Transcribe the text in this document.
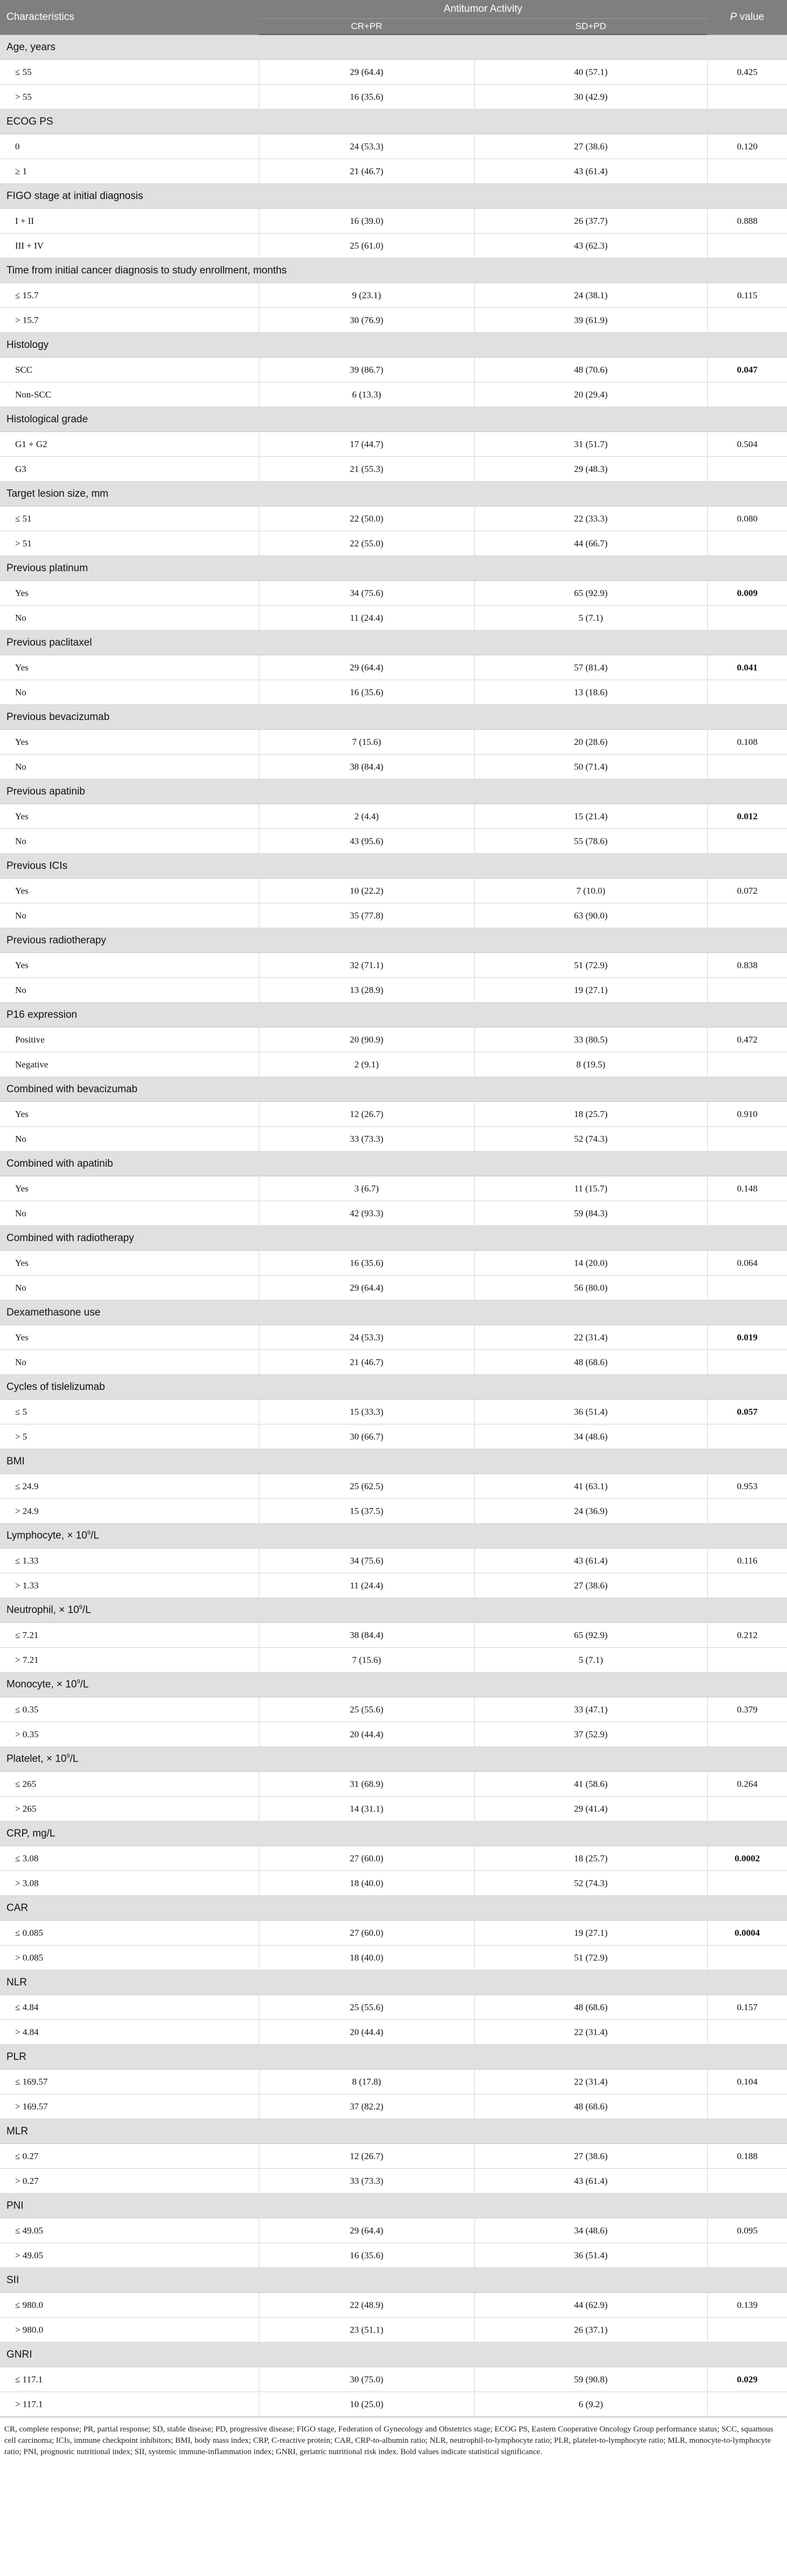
Characteristics	Antitumor Activity		P value
	CR+PR	SD+PD	
Age, years			
≤ 55	29 (64.4)	40 (57.1)	0.425
> 55	16 (35.6)	30 (42.9)	
ECOG PS			
0	24 (53.3)	27 (38.6)	0.120
≥ 1	21 (46.7)	43 (61.4)	
FIGO stage at initial diagnosis			
I + II	16 (39.0)	26 (37.7)	0.888
III + IV	25 (61.0)	43 (62.3)	
Time from initial cancer diagnosis to study enrollment, months			
≤ 15.7	9 (23.1)	24 (38.1)	0.115
> 15.7	30 (76.9)	39 (61.9)	
Histology			
SCC	39 (86.7)	48 (70.6)	0.047
Non-SCC	6 (13.3)	20 (29.4)	
Histological grade			
G1 + G2	17 (44.7)	31 (51.7)	0.504
G3	21 (55.3)	29 (48.3)	
Target lesion size, mm			
≤ 51	22 (50.0)	22 (33.3)	0.080
> 51	22 (55.0)	44 (66.7)	
Previous platinum			
Yes	34 (75.6)	65 (92.9)	0.009
No	11 (24.4)	5 (7.1)	
Previous paclitaxel			
Yes	29 (64.4)	57 (81.4)	0.041
No	16 (35.6)	13 (18.6)	
Previous bevacizumab			
Yes	7 (15.6)	20 (28.6)	0.108
No	38 (84.4)	50 (71.4)	
Previous apatinib			
Yes	2 (4.4)	15 (21.4)	0.012
No	43 (95.6)	55 (78.6)	
Previous ICIs			
Yes	10 (22.2)	7 (10.0)	0.072
No	35 (77.8)	63 (90.0)	
Previous radiotherapy			
Yes	32 (71.1)	51 (72.9)	0.838
No	13 (28.9)	19 (27.1)	
P16 expression			
Positive	20 (90.9)	33 (80.5)	0.472
Negative	2 (9.1)	8 (19.5)	
Combined with bevacizumab			
Yes	12 (26.7)	18 (25.7)	0.910
No	33 (73.3)	52 (74.3)	
Combined with apatinib			
Yes	3 (6.7)	11 (15.7)	0.148
No	42 (93.3)	59 (84.3)	
Combined with radiotherapy			
Yes	16 (35.6)	14 (20.0)	0.064
No	29 (64.4)	56 (80.0)	
Dexamethasone use			
Yes	24 (53.3)	22 (31.4)	0.019
No	21 (46.7)	48 (68.6)	
Cycles of tislelizumab			
≤ 5	15 (33.3)	36 (51.4)	0.057
> 5	30 (66.7)	34 (48.6)	
BMI			
≤ 24.9	25 (62.5)	41 (63.1)	0.953
> 24.9	15 (37.5)	24 (36.9)	
Lymphocyte, × $10^9/L$			
≤ 1.33	34 (75.6)	43 (61.4)	0.116
> 1.33	11 (24.4)	27 (38.6)	
Neutrophil, × $10^9/L$			
≤ 7.21	38 (84.4)	65 (92.9)	0.212
> 7.21	7 (15.6)	5 (7.1)	
Monocyte, × $10^9/L$			
≤ 0.35	25 (55.6)	33 (47.1)	0.379
> 0.35	20 (44.4)	37 (52.9)	
Platelet, × $10^9/L$			
≤ 265	31 (68.9)	41 (58.6)	0.264
> 265	14 (31.1)	29 (41.4)	
CRP, mg/L			
≤ 3.08	27 (60.0)	18 (25.7)	0.0002
> 3.08	18 (40.0)	52 (74.3)	
CAR			
≤ 0.085	27 (60.0)	19 (27.1)	0.0004
> 0.085	18 (40.0)	51 (72.9)	
NLR			
≤ 4.84	25 (55.6)	48 (68.6)	0.157
> 4.84	20 (44.4)	22 (31.4)	
PLR			
≤ 169.57	8 (17.8)	22 (31.4)	0.104
> 169.57	37 (82.2)	48 (68.6)	
MLR			
≤ 0.27	12 (26.7)	27 (38.6)	0.188
> 0.27	33 (73.3)	43 (61.4)	
PNI			
≤ 49.05	29 (64.4)	34 (48.6)	0.095
> 49.05	16 (35.6)	36 (51.4)	
SII			
≤ 980.0	22 (48.9)	44 (62.9)	0.139
> 980.0	23 (51.1)	26 (37.1)	
GNRI			
≤ 117.1	30 (75.0)	59 (90.8)	0.029
> 117.1	10 (25.0)	6 (9.2)	
CR, complete response; PR, partial response; SD, stable disease; PD, progressive disease; FIGO stage, Federation of Gynecology and Obstetrics stage; ECOG PS, Eastern Cooperative Oncology Group performance status; SCC, squamous cell carcinoma; ICIs, immune checkpoint inhibitors; BMI, body mass index; CRP, C-reactive protein; CAR, CRP-to-albumin ratio; NLR, neutrophil-to-lymphocyte ratio; PLR, platelet-to-lymphocyte ratio; MLR, monocyte-to-lymphocyte ratio; PNI, prognostic nutritional index; SII, systemic immune-inflammation index; GNRI, geriatric nutritional risk index. Bold values indicate statistical significance.
